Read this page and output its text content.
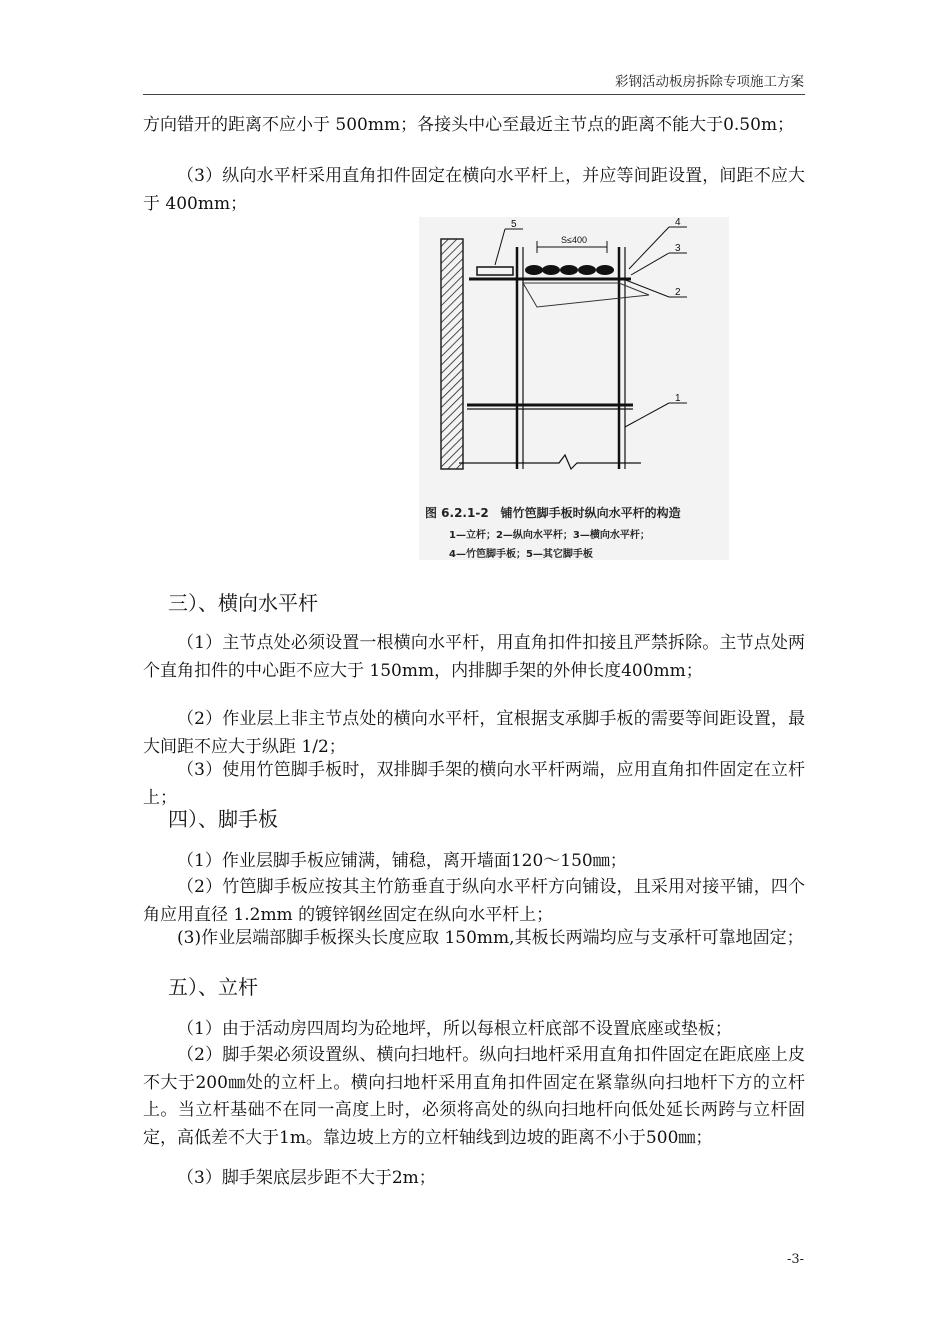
彩钢活动板房拆除专项施工方案

方向错开的距离不应小于 500mm；各接头中心至最近主节点的距离不能大于0.50m；

（3）纵向水平杆采用直角扣件固定在横向水平杆上，并应等间距设置，间距不应大于 400mm；

5	4
3
2
1
S≤400
图 6.2.1-2　铺竹笆脚手板时纵向水平杆的构造
1—立杆；2—纵向水平杆；3—横向水平杆；
4—竹笆脚手板；5—其它脚手板
三）、横向水平杆

（1）主节点处必须设置一根横向水平杆，用直角扣件扣接且严禁拆除。主节点处两个直角扣件的中心距不应大于 150mm，内排脚手架的外伸长度400mm；

（2）作业层上非主节点处的横向水平杆，宜根据支承脚手板的需要等间距设置，最大间距不应大于纵距 1/2；

（3）使用竹笆脚手板时，双排脚手架的横向水平杆两端，应用直角扣件固定在立杆上；

四）、脚手板

（1）作业层脚手板应铺满，铺稳，离开墙面120～150㎜；

（2）竹笆脚手板应按其主竹筋垂直于纵向水平杆方向铺设，且采用对接平铺，四个角应用直径 1.2mm 的镀锌钢丝固定在纵向水平杆上；

(3)作业层端部脚手板探头长度应取 150mm,其板长两端均应与支承杆可靠地固定；

五）、立杆

（1）由于活动房四周均为砼地坪，所以每根立杆底部不设置底座或垫板；

（2）脚手架必须设置纵、横向扫地杆。纵向扫地杆采用直角扣件固定在距底座上皮不大于200㎜处的立杆上。横向扫地杆采用直角扣件固定在紧靠纵向扫地杆下方的立杆上。当立杆基础不在同一高度上时，必须将高处的纵向扫地杆向低处延长两跨与立杆固定，高低差不大于1m。靠边坡上方的立杆轴线到边坡的距离不小于500㎜；

（3）脚手架底层步距不大于2m；

-3-
